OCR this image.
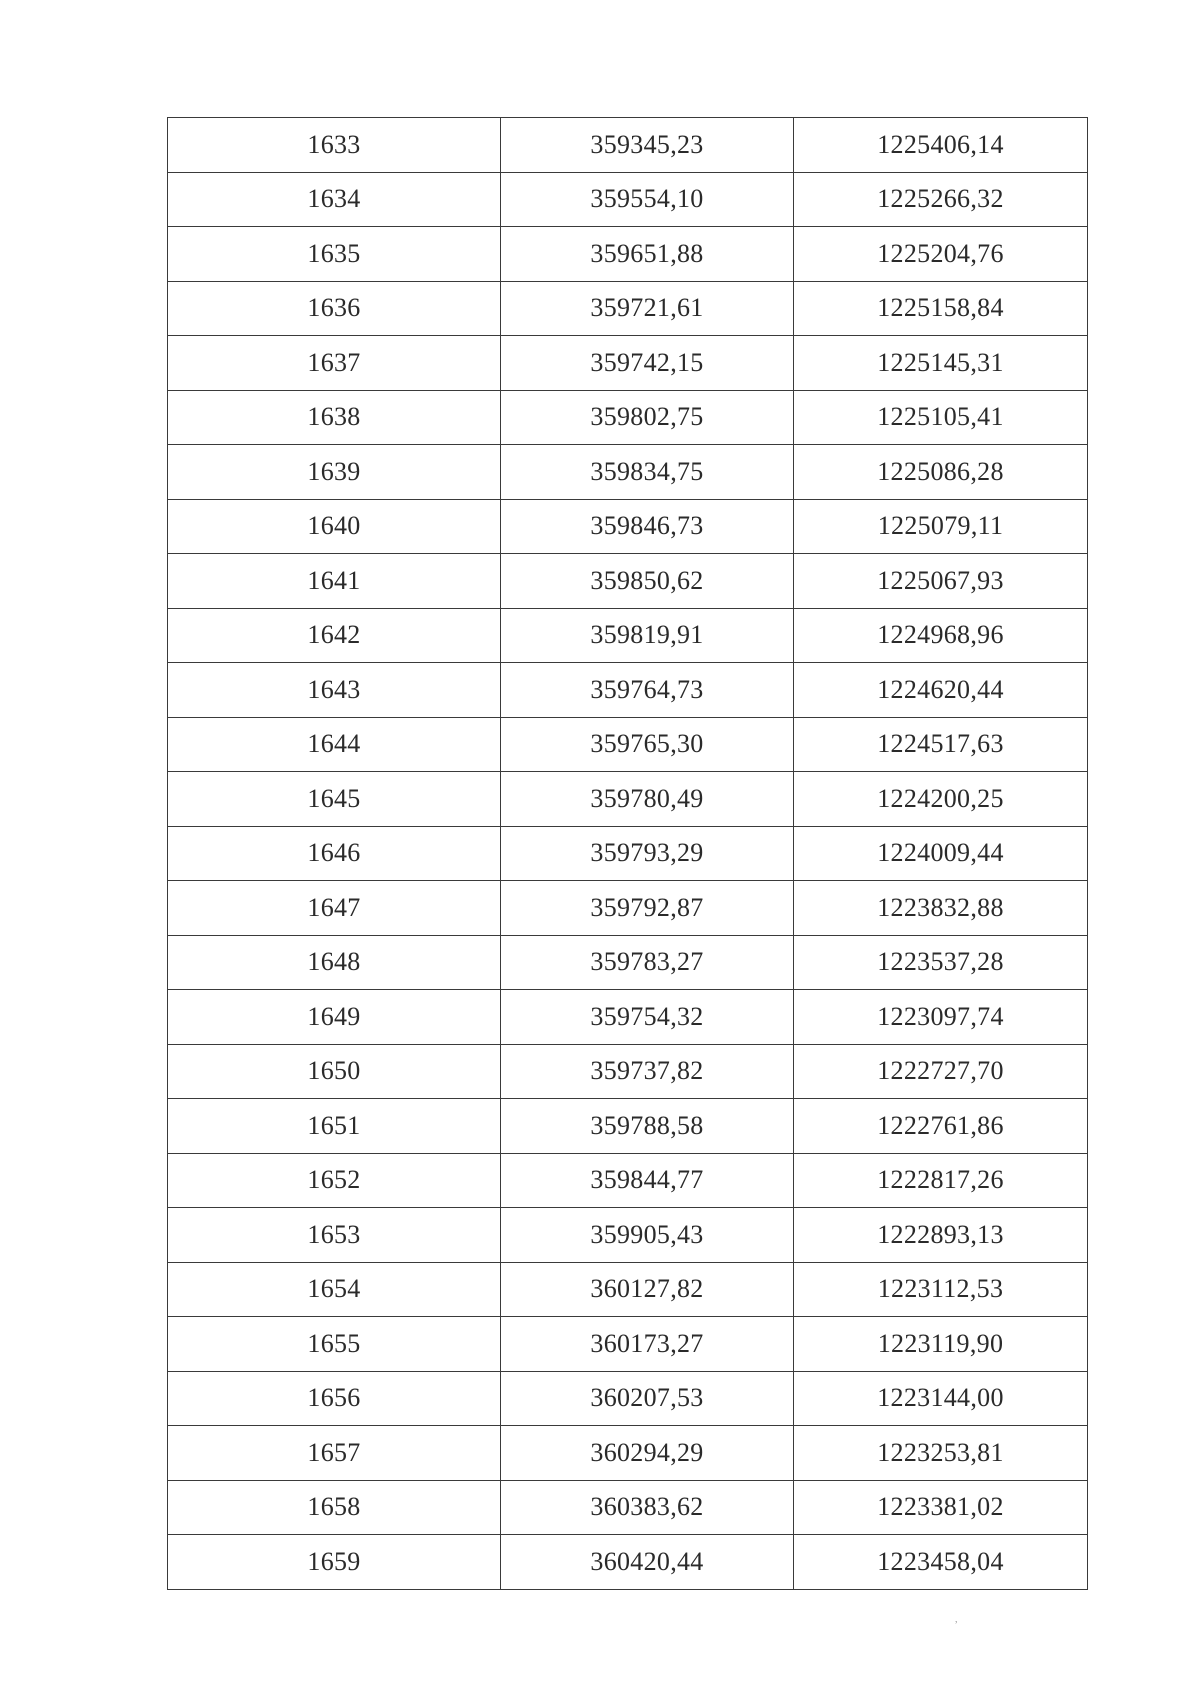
1633	359345,23	1225406,14
1634	359554,10	1225266,32
1635	359651,88	1225204,76
1636	359721,61	1225158,84
1637	359742,15	1225145,31
1638	359802,75	1225105,41
1639	359834,75	1225086,28
1640	359846,73	1225079,11
1641	359850,62	1225067,93
1642	359819,91	1224968,96
1643	359764,73	1224620,44
1644	359765,30	1224517,63
1645	359780,49	1224200,25
1646	359793,29	1224009,44
1647	359792,87	1223832,88
1648	359783,27	1223537,28
1649	359754,32	1223097,74
1650	359737,82	1222727,70
1651	359788,58	1222761,86
1652	359844,77	1222817,26
1653	359905,43	1222893,13
1654	360127,82	1223112,53
1655	360173,27	1223119,90
1656	360207,53	1223144,00
1657	360294,29	1223253,81
1658	360383,62	1223381,02
1659	360420,44	1223458,04
,
